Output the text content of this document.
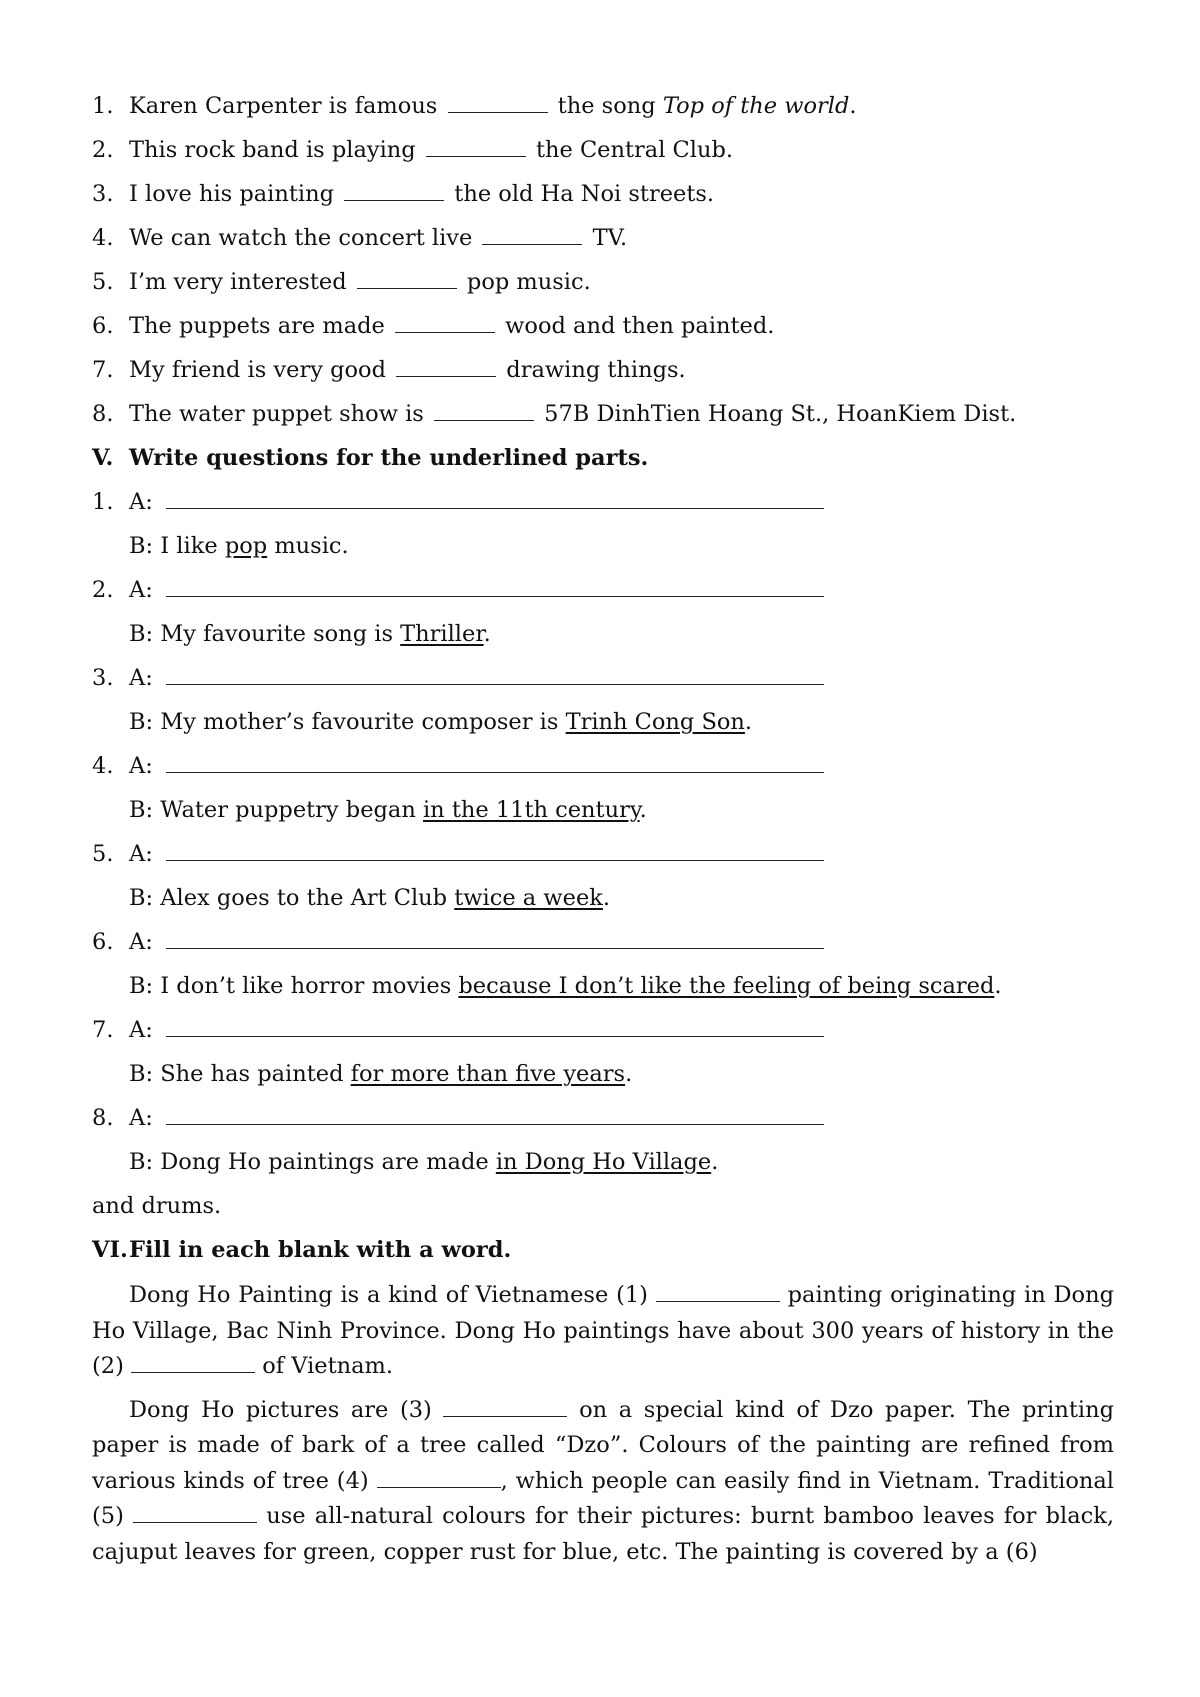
1. Karen Carpenter is famous	the song Top of the world.
2. This rock band is playing	the Central Club.
3. I love his painting	the old Ha Noi streets.
4. We can watch the concert live	TV.
5. I’m very interested	pop music.
6. The puppets are made	wood and then painted.
7. My friend is very good	drawing things.
8. The water puppet show is	57B DinhTien Hoang St., HoanKiem Dist.
V. Write questions for the underlined parts.
1. A:
B: I like pop music.
2. A:
B: My favourite song is Thriller.
3. A:
B: My mother’s favourite composer is Trinh Cong Son.
4. A:
B: Water puppetry began in the 11th century.
5. A:
B: Alex goes to the Art Club twice a week.
6. A:
B: I don’t like horror movies because I don’t like the feeling of being scared.
7. A:
B: She has painted for more than five years.
8. A:
B: Dong Ho paintings are made in Dong Ho Village.
and drums.
VI.Fill in each blank with a word.
Dong Ho Painting is a kind of Vietnamese (1)	painting originating in Dong Ho Village, Bac Ninh Province. Dong Ho paintings have about 300 years of history in the (2)	of Vietnam.
Dong Ho pictures are (3)	on a special kind of Dzo paper. The printing paper is made of bark of a tree called “Dzo”. Colours of the painting are refined from various kinds of tree (4)	, which people can easily find in Vietnam. Traditional (5)	use all-natural colours for their pictures: burnt bamboo leaves for black, cajuput leaves for green, copper rust for blue, etc. The painting is covered by a (6)
